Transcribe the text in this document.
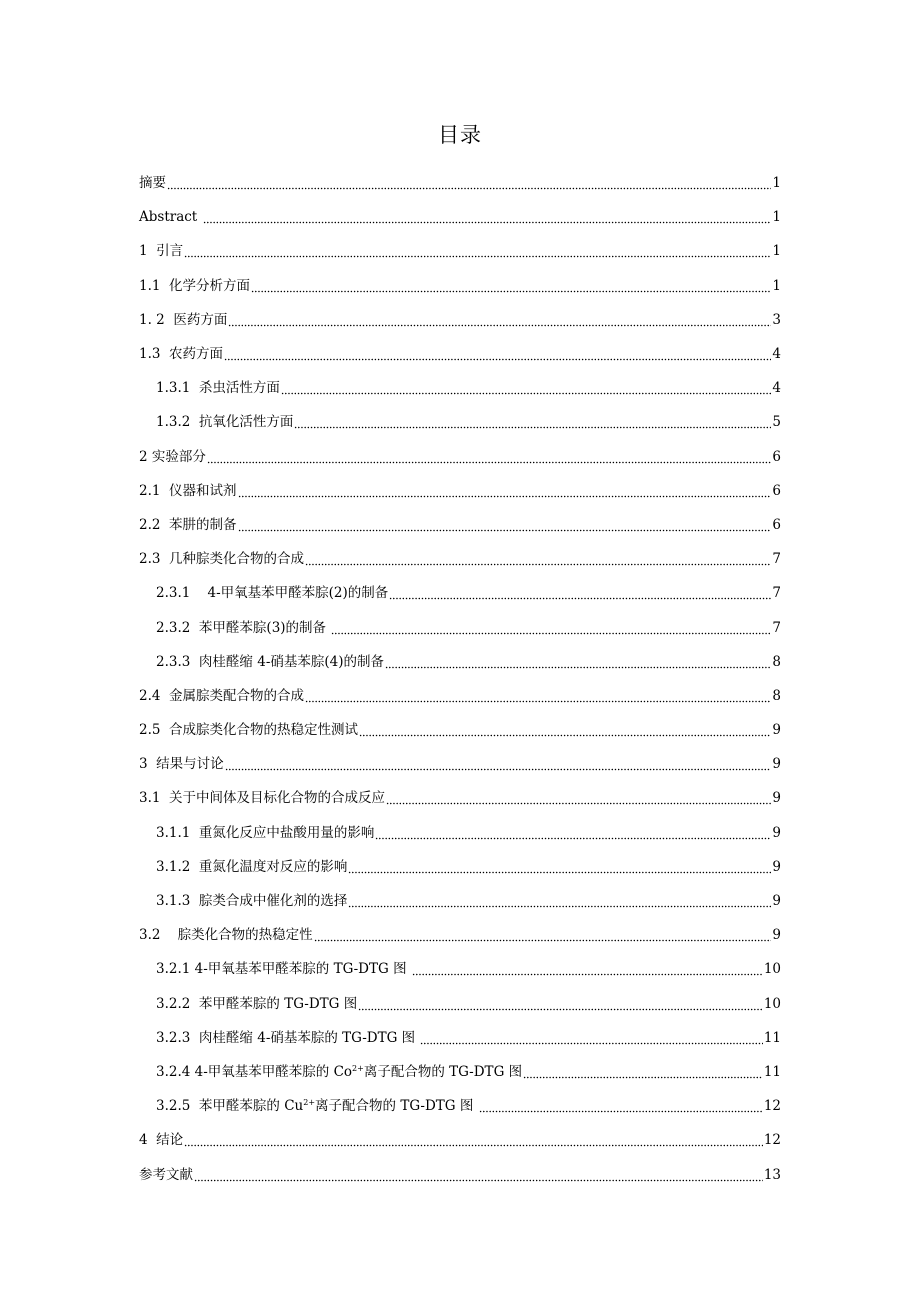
目录
摘要	1
Abstract	1
1  引言	1
1.1  化学分析方面	1
1. 2  医药方面	3
1.3  农药方面	4
1.3.1  杀虫活性方面	4
1.3.2  抗氧化活性方面	5
2 实验部分	6
2.1  仪器和试剂	6
2.2  苯肼的制备	6
2.3  几种腙类化合物的合成	7
2.3.1    4-甲氧基苯甲醛苯腙(2)的制备	7
2.3.2  苯甲醛苯腙(3)的制备	7
2.3.3  肉桂醛缩 4-硝基苯腙(4)的制备	8
2.4  金属腙类配合物的合成	8
2.5  合成腙类化合物的热稳定性测试	9
3  结果与讨论	9
3.1  关于中间体及目标化合物的合成反应	9
3.1.1  重氮化反应中盐酸用量的影响	9
3.1.2  重氮化温度对反应的影响	9
3.1.3  腙类合成中催化剂的选择	9
3.2    腙类化合物的热稳定性	9
3.2.1 4-甲氧基苯甲醛苯腙的 TG-DTG 图	10
3.2.2  苯甲醛苯腙的 TG-DTG 图	10
3.2.3  肉桂醛缩 4-硝基苯腙的 TG-DTG 图	11
3.2.4 4-甲氧基苯甲醛苯腙的 $Co^{2+}$离子配合物的 TG-DTG 图	11
3.2.5  苯甲醛苯腙的 $Cu^{2+}$离子配合物的 TG-DTG 图	12
4  结论	12
参考文献	13
